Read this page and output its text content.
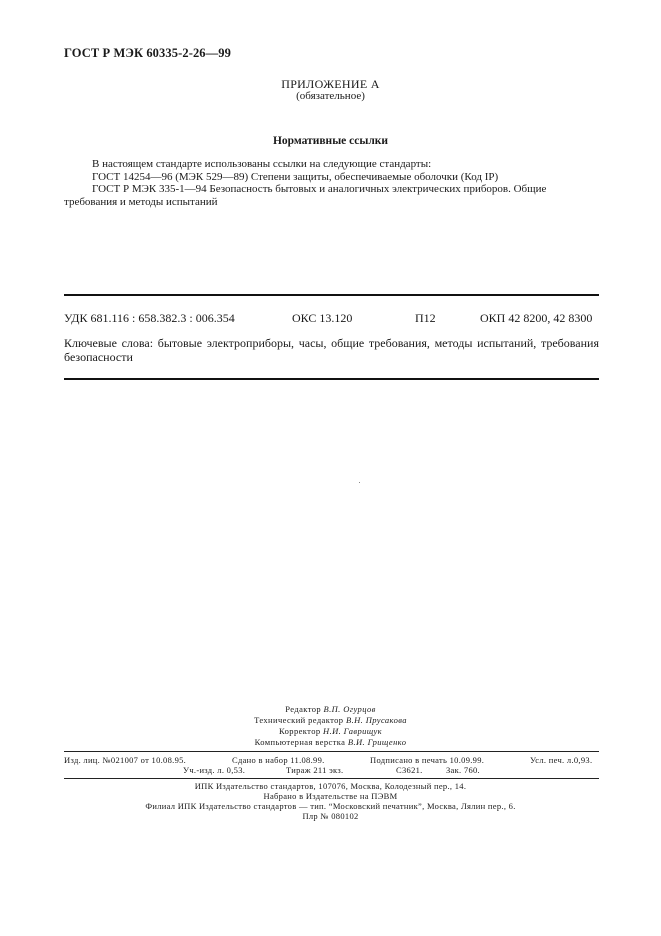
ГОСТ Р МЭК 60335-2-26—99
ПРИЛОЖЕНИЕ А
(обязательное)
Нормативные ссылки
В настоящем стандарте использованы ссылки на следующие стандарты:
ГОСТ 14254—96 (МЭК 529—89) Степени защиты, обеспечиваемые оболочки (Код IP)
ГОСТ Р МЭК 335-1—94 Безопасность бытовых и аналогичных электрических приборов. Общие требования и методы испытаний
УДК 681.116 : 658.382.3 : 006.354	ОКС 13.120	П12	ОКП 42 8200, 42 8300
Ключевые слова: бытовые электроприборы, часы, общие требования, методы испытаний, требования безопасности
Редактор В.П. Огурцов
Технический редактор В.Н. Прусакова
Корректор Н.И. Гаврищук
Компьютерная верстка В.И. Грищенко
Изд. лиц. №021007 от 10.08.95.	Сдано в набор 11.08.99.	Подписано в печать 10.09.99.	Усл. печ. л.0,93.
Уч.-изд. л. 0,53.	Тираж 211 экз.	С3621.	Зак. 760.
ИПК Издательство стандартов, 107076, Москва, Колодезный пер., 14.
Набрано в Издательстве на ПЭВМ
Филиал ИПК Издательство стандартов — тип. “Московский печатник”, Москва, Лялин пер., 6.
Плр № 080102
